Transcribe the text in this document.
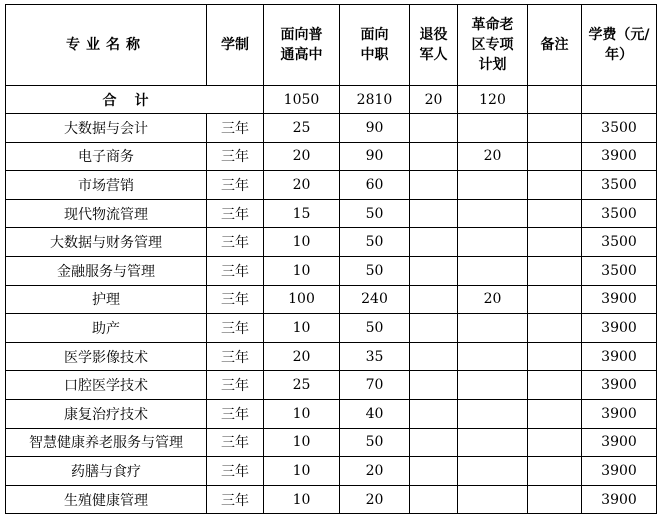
专业名称	学制	面向普通高中	面向中职	退役军人	革命老区专项计划	备注	学费（元/年）
合计		1050	2810	20	120		
大数据与会计	三年	25	90				3500
电子商务	三年	20	90		20		3900
市场营销	三年	20	60				3500
现代物流管理	三年	15	50				3500
大数据与财务管理	三年	10	50				3500
金融服务与管理	三年	10	50				3500
护理	三年	100	240		20		3900
助产	三年	10	50				3900
医学影像技术	三年	20	35				3900
口腔医学技术	三年	25	70				3900
康复治疗技术	三年	10	40				3900
智慧健康养老服务与管理	三年	10	50				3900
药膳与食疗	三年	10	20				3900
生殖健康管理	三年	10	20				3900
